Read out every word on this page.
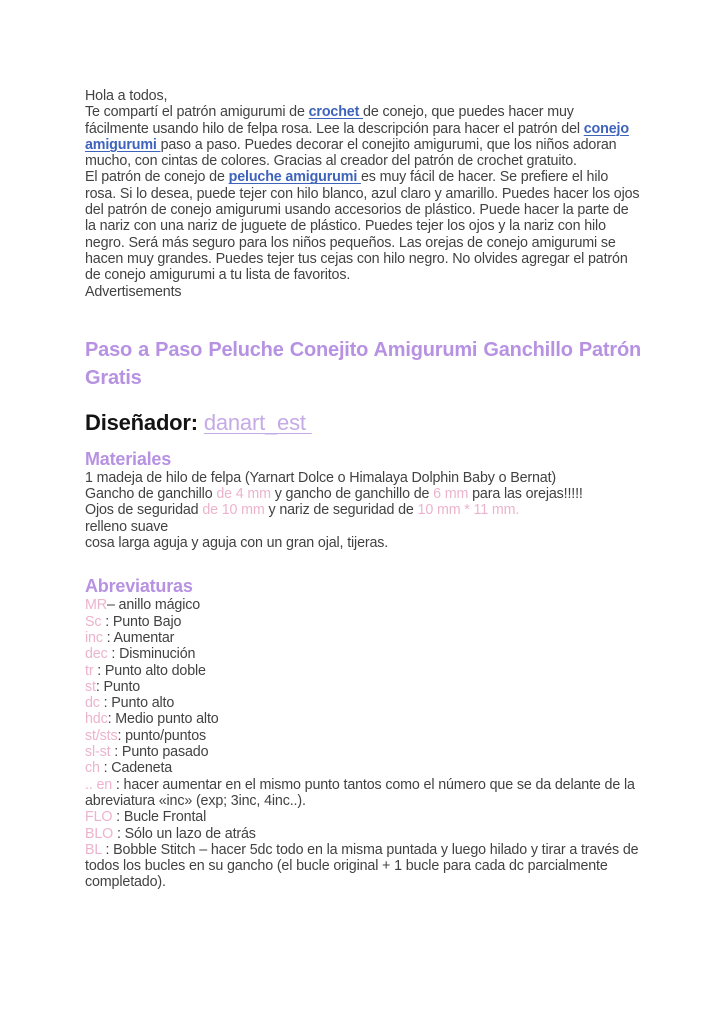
Hola a todos,
Te compartí el patrón amigurumi de crochet de conejo, que puedes hacer muy fácilmente usando hilo de felpa rosa. Lee la descripción para hacer el patrón del conejo amigurumi paso a paso. Puedes decorar el conejito amigurumi, que los niños adoran mucho, con cintas de colores. Gracias al creador del patrón de crochet gratuito.
El patrón de conejo de peluche amigurumi es muy fácil de hacer. Se prefiere el hilo rosa. Si lo desea, puede tejer con hilo blanco, azul claro y amarillo. Puedes hacer los ojos del patrón de conejo amigurumi usando accesorios de plástico. Puede hacer la parte de la nariz con una nariz de juguete de plástico. Puedes tejer los ojos y la nariz con hilo negro. Será más seguro para los niños pequeños. Las orejas de conejo amigurumi se hacen muy grandes. Puedes tejer tus cejas con hilo negro. No olvides agregar el patrón de conejo amigurumi a tu lista de favoritos.
Advertisements
Paso a Paso Peluche Conejito Amigurumi Ganchillo Patrón Gratis
Diseñador: danart_est
Materiales
1 madeja de hilo de felpa (Yarnart Dolce o Himalaya Dolphin Baby o Bernat)
Gancho de ganchillo de 4 mm y gancho de ganchillo de 6 mm para las orejas!!!!!
Ojos de seguridad de 10 mm y nariz de seguridad de 10 mm * 11 mm.
relleno suave
cosa larga aguja y aguja con un gran ojal, tijeras.
Abreviaturas
MR– anillo mágico
Sc : Punto Bajo
inc : Aumentar
dec : Disminución
tr : Punto alto doble
st: Punto
dc : Punto alto
hdc: Medio punto alto
st/sts: punto/puntos
sl-st : Punto pasado
ch : Cadeneta
.. en : hacer aumentar en el mismo punto tantos como el número que se da delante de la abreviatura «inc» (exp; 3inc, 4inc..).
FLO : Bucle Frontal
BLO : Sólo un lazo de atrás
BL : Bobble Stitch – hacer 5dc todo en la misma puntada y luego hilado y tirar a través de todos los bucles en su gancho (el bucle original + 1 bucle para cada dc parcialmente completado).
